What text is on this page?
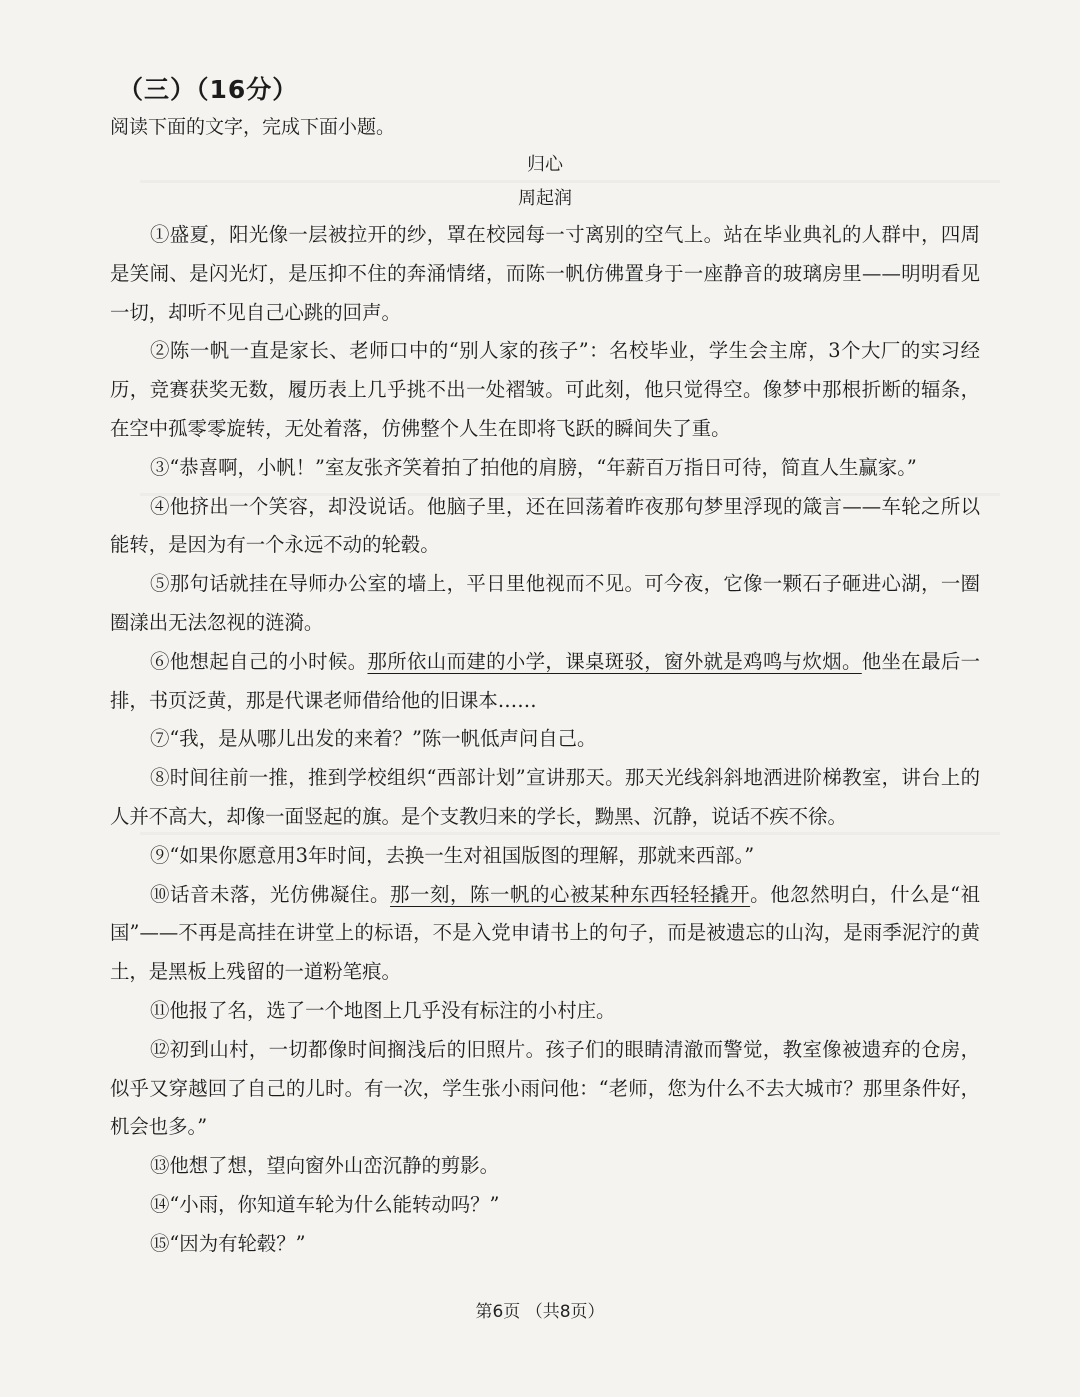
（三）（16分）

阅读下面的文字，完成下面小题。

归心

周起润

①盛夏，阳光像一层被拉开的纱，罩在校园每一寸离别的空气上。站在毕业典礼的人群中，四周是笑闹、是闪光灯，是压抑不住的奔涌情绪，而陈一帆仿佛置身于一座静音的玻璃房里——明明看见一切，却听不见自己心跳的回声。

②陈一帆一直是家长、老师口中的“别人家的孩子”：名校毕业，学生会主席，3个大厂的实习经历，竞赛获奖无数，履历表上几乎挑不出一处褶皱。可此刻，他只觉得空。像梦中那根折断的辐条，在空中孤零零旋转，无处着落，仿佛整个人生在即将飞跃的瞬间失了重。

③“恭喜啊，小帆！”室友张齐笑着拍了拍他的肩膀，“年薪百万指日可待，简直人生赢家。”

④他挤出一个笑容，却没说话。他脑子里，还在回荡着昨夜那句梦里浮现的箴言——车轮之所以能转，是因为有一个永远不动的轮毂。

⑤那句话就挂在导师办公室的墙上，平日里他视而不见。可今夜，它像一颗石子砸进心湖，一圈圈漾出无法忽视的涟漪。

⑥他想起自己的小时候。那所依山而建的小学，课桌斑驳，窗外就是鸡鸣与炊烟。他坐在最后一排，书页泛黄，那是代课老师借给他的旧课本……

⑦“我，是从哪儿出发的来着？”陈一帆低声问自己。

⑧时间往前一推，推到学校组织“西部计划”宣讲那天。那天光线斜斜地洒进阶梯教室，讲台上的人并不高大，却像一面竖起的旗。是个支教归来的学长，黝黑、沉静，说话不疾不徐。

⑨“如果你愿意用3年时间，去换一生对祖国版图的理解，那就来西部。”

⑩话音未落，光仿佛凝住。那一刻，陈一帆的心被某种东西轻轻撬开。他忽然明白，什么是“祖国”——不再是高挂在讲堂上的标语，不是入党申请书上的句子，而是被遗忘的山沟，是雨季泥泞的黄土，是黑板上残留的一道粉笔痕。

⑪他报了名，选了一个地图上几乎没有标注的小村庄。

⑫初到山村，一切都像时间搁浅后的旧照片。孩子们的眼睛清澈而警觉，教室像被遗弃的仓房，似乎又穿越回了自己的儿时。有一次，学生张小雨问他：“老师，您为什么不去大城市？那里条件好，机会也多。”

⑬他想了想，望向窗外山峦沉静的剪影。

⑭“小雨，你知道车轮为什么能转动吗？”

⑮“因为有轮毂？”

第6页 （共8页）
